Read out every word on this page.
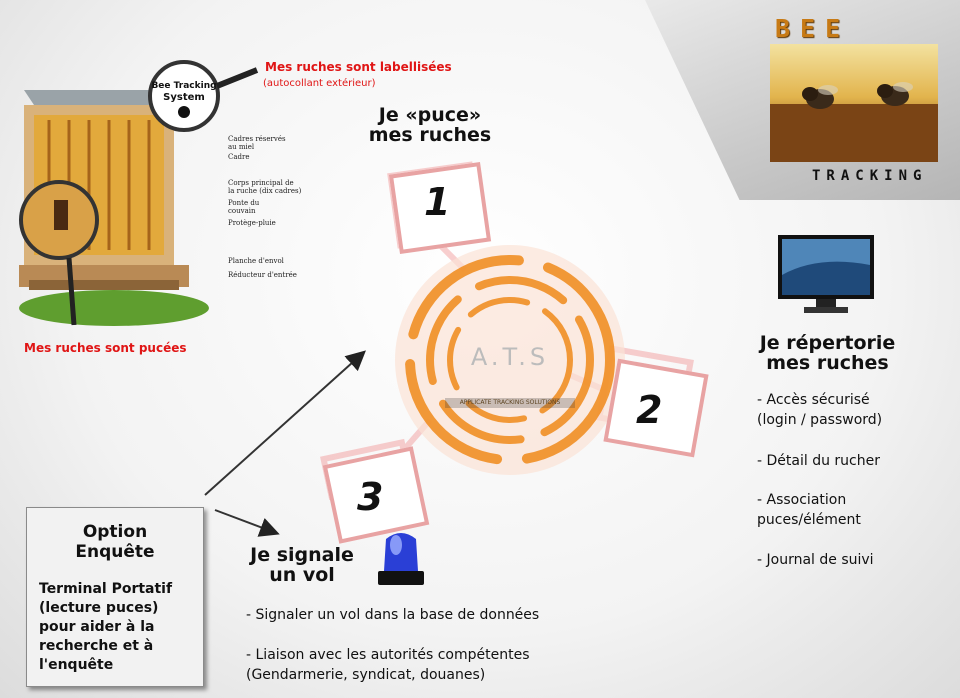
BEE
TRACKING
Bee Tracking
System
Cadres réservés
au miel
Cadre
Corps principal de
la ruche (dix cadres)
Ponte du
couvain
Protège-pluie
Planche d'envol
Réducteur d'entrée
Mes ruches sont labellisées
(autocollant extérieur)
Mes ruches sont pucées	A.T.S
APPLICATE TRACKING SOLUTIONS
1
2
3
Je «puce»
mes ruches
Je répertorie
mes ruches
- Accès sécurisé
(login / password)
- Détail du rucher
- Association
puces/élément
- Journal de suivi
Je signale
un vol
- Signaler un vol dans la base de données
- Liaison avec les autorités compétentes
(Gendarmerie, syndicat, douanes)
Option
Enquête
Terminal Portatif
(lecture puces)
pour aider à la
recherche et à
l'enquête
